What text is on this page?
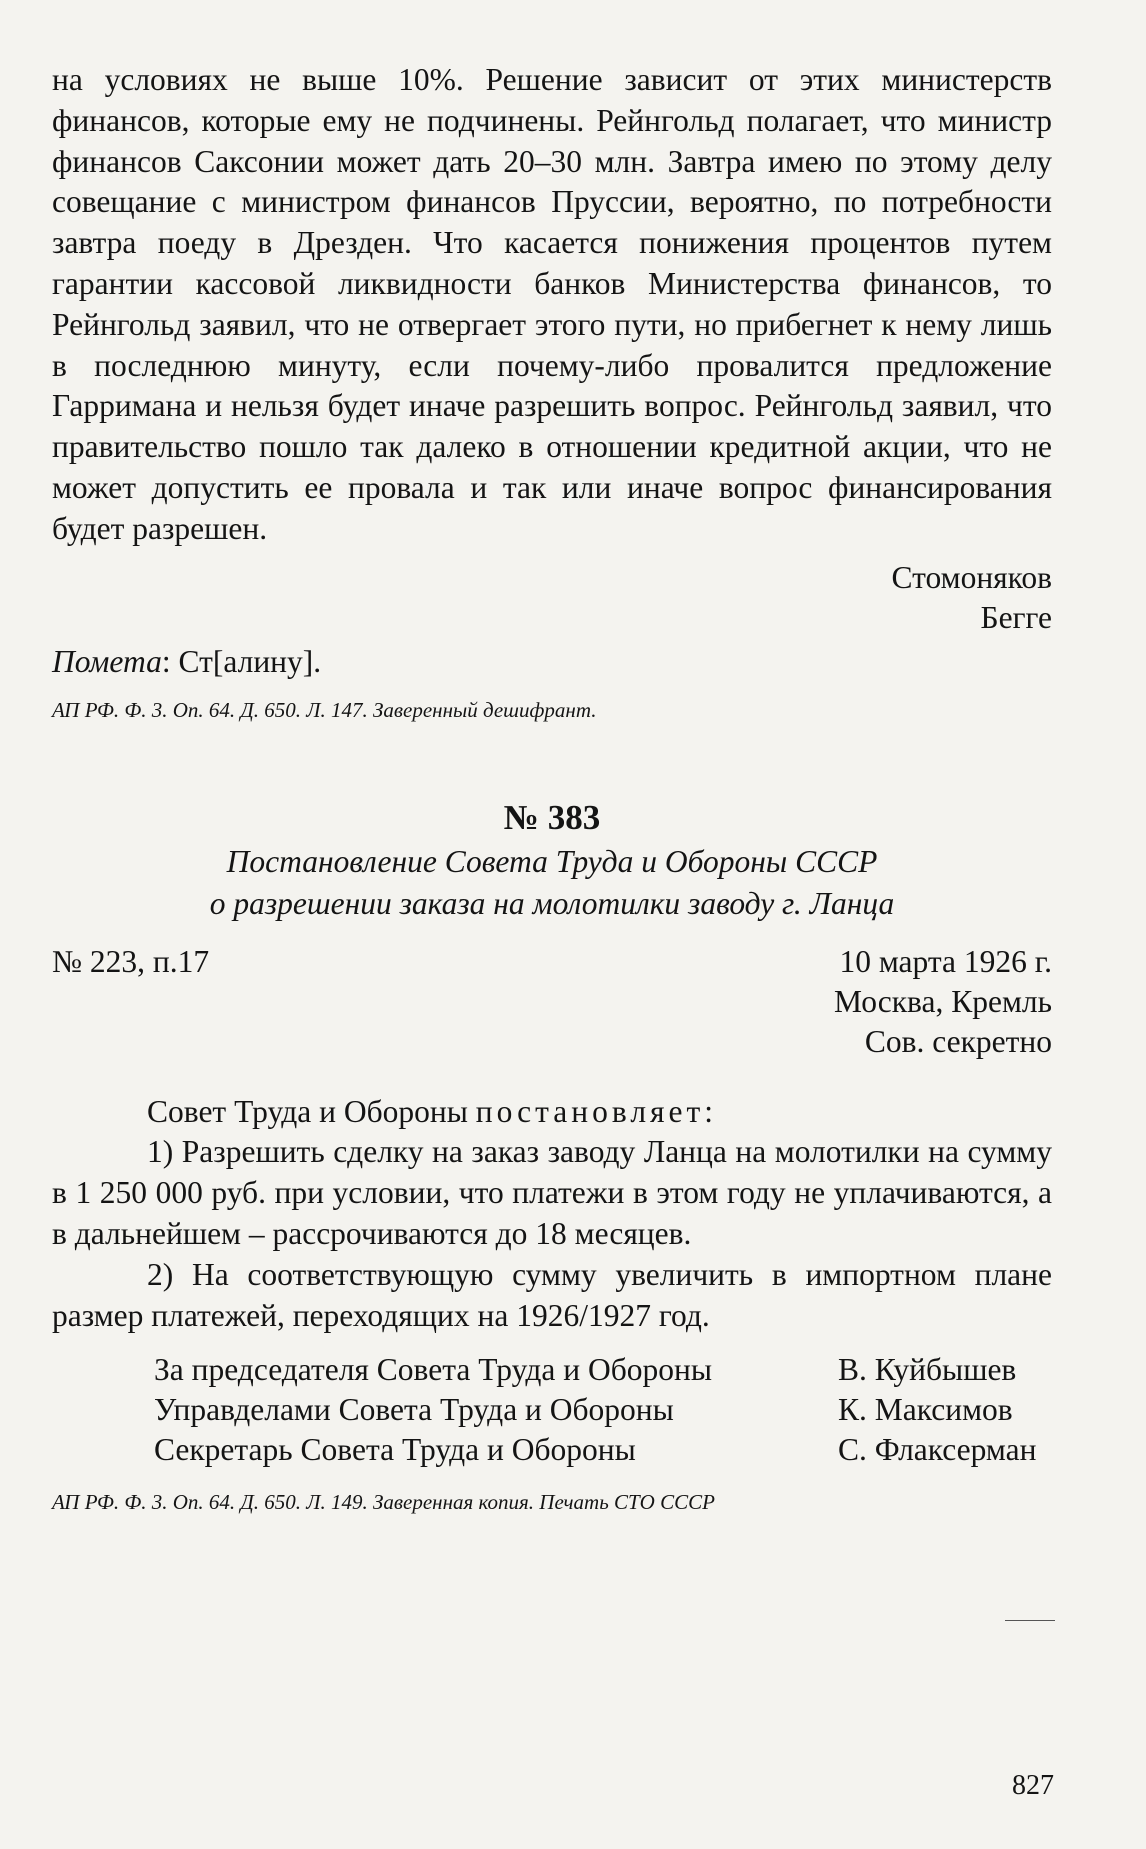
на условиях не выше 10%. Решение зависит от этих министерств финансов, которые ему не подчинены. Рейнгольд полагает, что министр финансов Саксонии может дать 20–30 млн. Завтра имею по этому делу совещание с министром финансов Пруссии, вероятно, по потребности завтра поеду в Дрезден. Что касается понижения процентов путем гарантии кассовой ликвидности банков Министерства финансов, то Рейнгольд заявил, что не отвергает этого пути, но прибегнет к нему лишь в последнюю минуту, если почему-либо провалится предложение Гарримана и нельзя будет иначе разрешить вопрос. Рейнгольд заявил, что правительство пошло так далеко в отношении кредитной акции, что не может допустить ее провала и так или иначе вопрос финансирования будет разрешен.

Стомоняков
Бегге
Помета: Ст[алину].
АП РФ. Ф. 3. Оп. 64. Д. 650. Л. 147. Заверенный дешифрант.
№ 383
Постановление Совета Труда и Обороны СССР
о разрешении заказа на молотилки заводу г. Ланца
№ 223, п.17	10 марта 1926 г.
Москва, Кремль
Сов. секретно

Совет Труда и Обороны постановляет:

1) Разрешить сделку на заказ заводу Ланца на молотилки на сумму в 1 250 000 руб. при условии, что платежи в этом году не уплачиваются, а в дальнейшем – рассрочиваются до 18 месяцев.

2) На соответствующую сумму увеличить в импортном плане размер платежей, переходящих на 1926/1927 год.

За председателя Совета Труда и Обороны	В. Куйбышев
Управделами Совета Труда и Обороны	К. Максимов
Секретарь Совета Труда и Обороны	С. Флаксерман
АП РФ. Ф. 3. Оп. 64. Д. 650. Л. 149. Заверенная копия. Печать СТО СССР
827
